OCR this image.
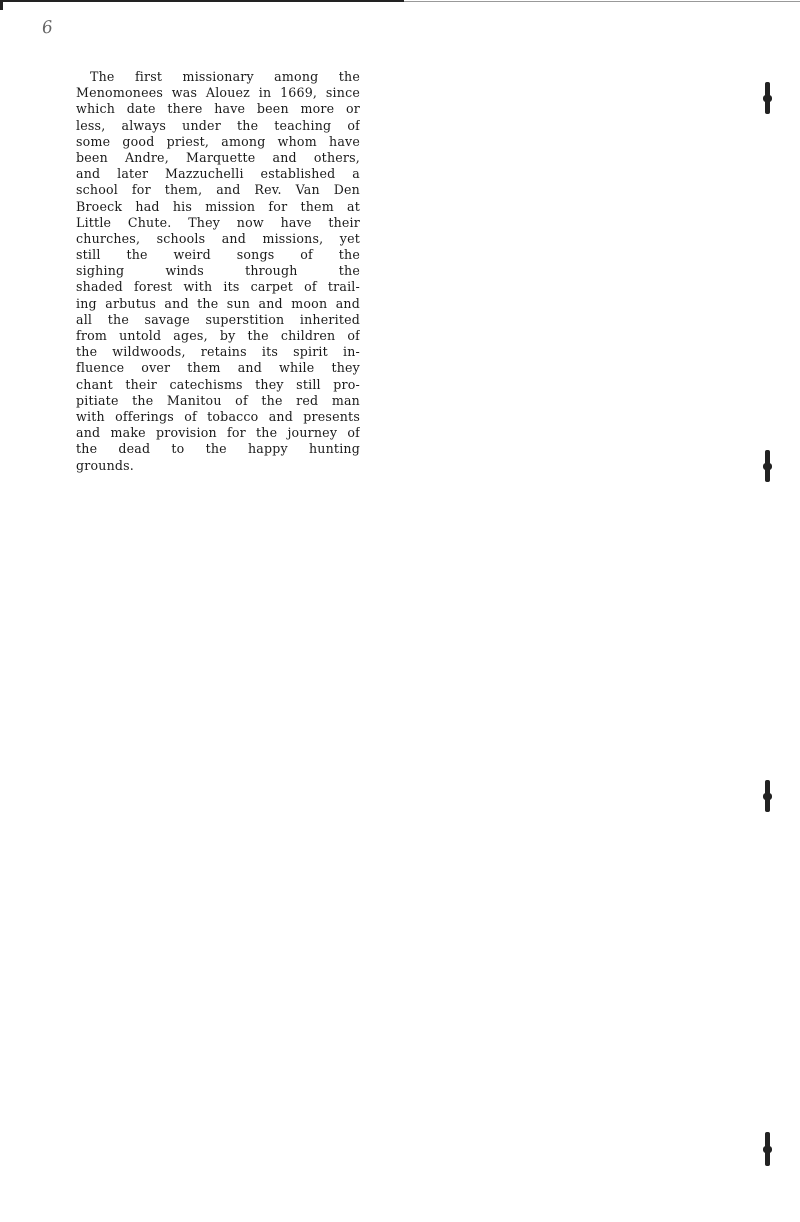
6
The first missionary among the
Menomonees was Alouez in 1669, since
which date there have been more or
less, always under the teaching of
some good priest, among whom have
been Andre, Marquette and others,
and later Mazzuchelli established a
school for them, and Rev. Van Den
Broeck had his mission for them at
Little Chute. They now have their
churches, schools and missions, yet
still the weird songs of the
sighing winds through the
shaded forest with its carpet of trail-
ing arbutus and the sun and moon and
all the savage superstition inherited
from untold ages, by the children of
the wildwoods, retains its spirit in-
fluence over them and while they
chant their catechisms they still pro-
pitiate the Manitou of the red man
with offerings of tobacco and presents
and make provision for the journey of
the dead to the happy hunting
grounds.
